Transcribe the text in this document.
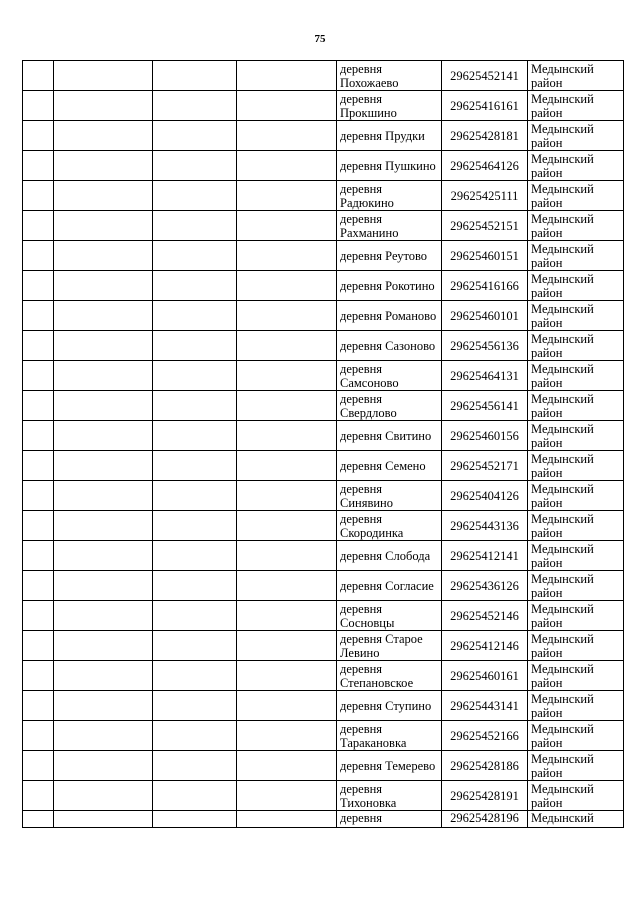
75
				деревня Похожаево	29625452141	Медынский район
				деревня Прокшино	29625416161	Медынский район
				деревня Прудки	29625428181	Медынский район
				деревня Пушкино	29625464126	Медынский район
				деревня Радюкино	29625425111	Медынский район
				деревня Рахманино	29625452151	Медынский район
				деревня Реутово	29625460151	Медынский район
				деревня Рокотино	29625416166	Медынский район
				деревня Романово	29625460101	Медынский район
				деревня Сазоново	29625456136	Медынский район
				деревня Самсоново	29625464131	Медынский район
				деревня Свердлово	29625456141	Медынский район
				деревня Свитино	29625460156	Медынский район
				деревня Семено	29625452171	Медынский район
				деревня Синявино	29625404126	Медынский район
				деревня Скородинка	29625443136	Медынский район
				деревня Слобода	29625412141	Медынский район
				деревня Согласие	29625436126	Медынский район
				деревня Сосновцы	29625452146	Медынский район
				деревня Старое Левино	29625412146	Медынский район
				деревня Степановское	29625460161	Медынский район
				деревня Ступино	29625443141	Медынский район
				деревня Таракановка	29625452166	Медынский район
				деревня Темерево	29625428186	Медынский район
				деревня Тихоновка	29625428191	Медынский район
				деревня	29625428196	Медынский
